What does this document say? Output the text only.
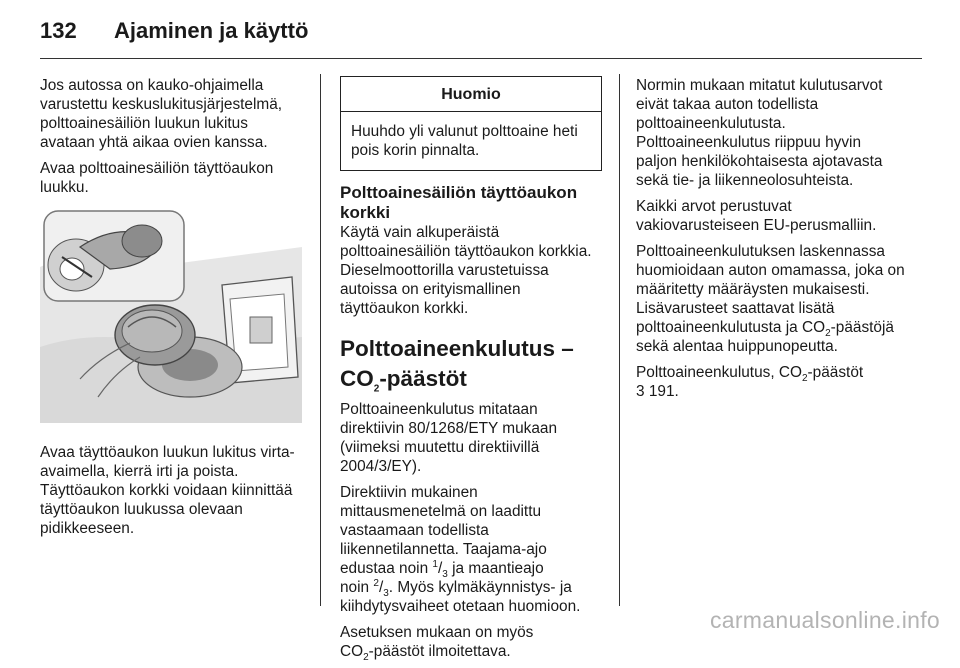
132 Ajaminen ja käyttö

Jos autossa on kauko-ohjaimella varustettu keskuslukitusjärjestelmä, polttoainesäiliön luukun lukitus avataan yhtä aikaa ovien kanssa.

Avaa polttoainesäiliön täyttöaukon luukku.

Avaa täyttöaukon luukun lukitus virta-avaimella, kierrä irti ja poista. Täyttöaukon korkki voidaan kiinnittää täyttöaukon luukussa olevaan pidikkeeseen.

Huomio
Huuhdo yli valunut polttoaine heti pois korin pinnalta.
Polttoainesäiliön täyttöaukon korkki

Käytä vain alkuperäistä polttoainesäiliön täyttöaukon korkkia. Dieselmoottorilla varustetuissa autoissa on erityismallinen täyttöaukon korkki.

Polttoaineenkulutus –
$CO_2$-päästöt

Polttoaineenkulutus mitataan direktiivin 80/1268/ETY mukaan (viimeksi muutettu direktiivillä 2004/3/EY).

Direktiivin mukainen mittausmenetelmä on laadittu vastaamaan todellista liikennetilannetta. Taajama-ajo edustaa noin $^1/_3$ ja maantieajo
noin $^2/_3$. Myös kylmäkäynnistys- ja kiihdytysvaiheet otetaan huomioon.

Asetuksen mukaan on myös
$CO_2$-päästöt ilmoitettava.

Normin mukaan mitatut kulutusarvot eivät takaa auton todellista polttoaineenkulutusta. Polttoaineenkulutus riippuu hyvin paljon henkilökohtaisesta ajotavasta sekä tie- ja liikenneolosuhteista.

Kaikki arvot perustuvat vakiovarusteiseen EU-perusmalliin.

Polttoaineenkulutuksen laskennassa huomioidaan auton omamassa, joka on määritetty määräysten mukaisesti. Lisävarusteet saattavat lisätä polttoaineenkulutusta ja $CO_2$-päästöjä
sekä alentaa huippunopeutta.

Polttoaineenkulutus, $CO_2$-päästöt
3 191.

carmanualsonline.info
